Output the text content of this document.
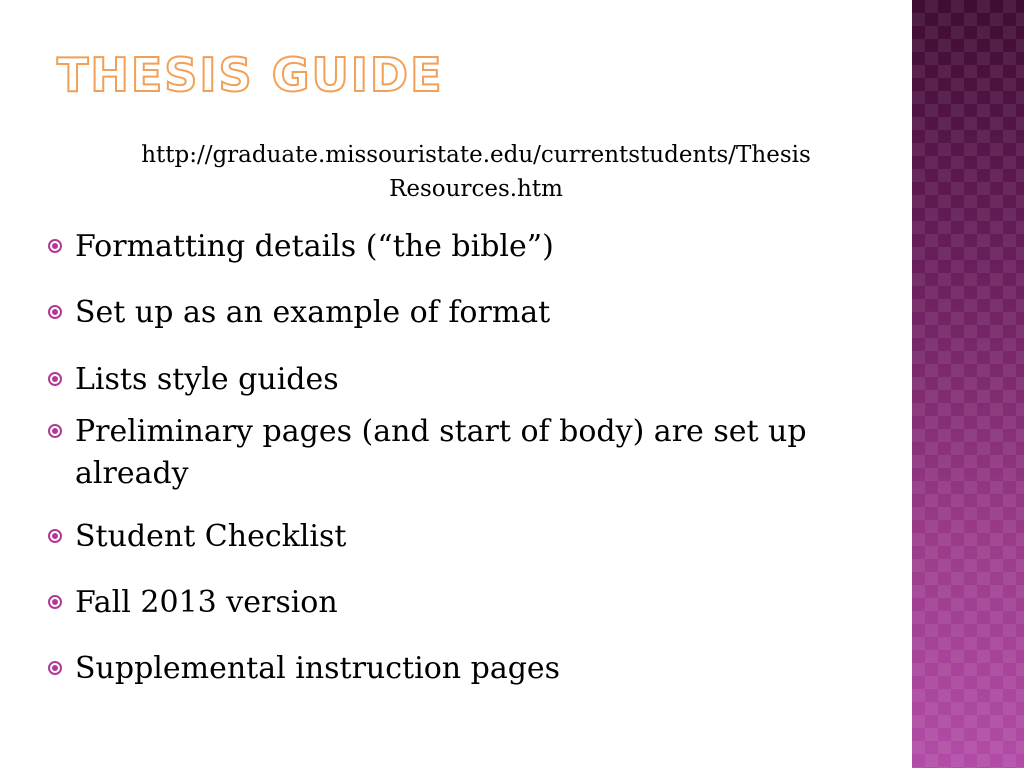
THESIS GUIDE
http://graduate.missouristate.edu/currentstudents/Thesis
Resources.htm
Formatting details (“the bible”)
Set up as an example of format
Lists style guides
Preliminary pages (and start of body) are set up already
Student Checklist
Fall 2013 version
Supplemental instruction pages
